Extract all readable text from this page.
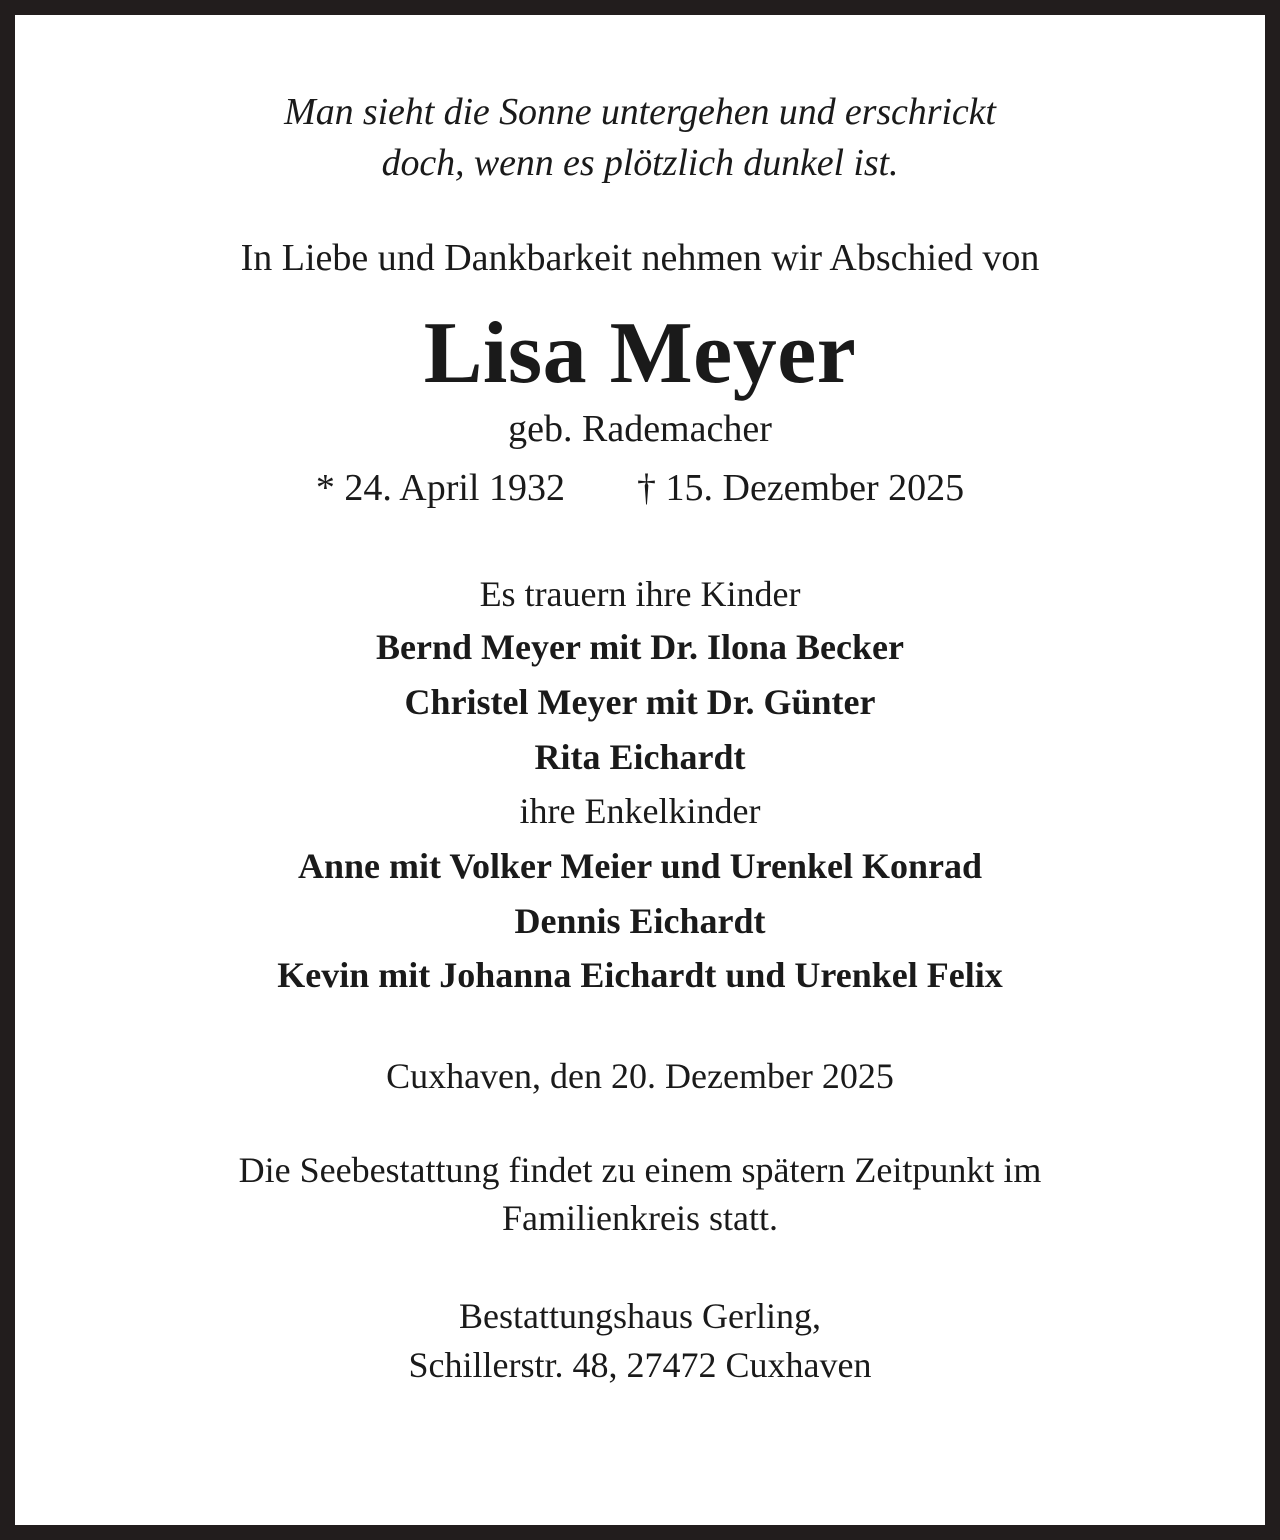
Man sieht die Sonne untergehen und erschrickt
doch, wenn es plötzlich dunkel ist.
In Liebe und Dankbarkeit nehmen wir Abschied von
Lisa Meyer
geb. Rademacher
* 24. April 1932 † 15. Dezember 2025
Es trauern ihre Kinder
Bernd Meyer mit Dr. Ilona Becker
Christel Meyer mit Dr. Günter
Rita Eichardt
ihre Enkelkinder
Anne mit Volker Meier und Urenkel Konrad
Dennis Eichardt
Kevin mit Johanna Eichardt und Urenkel Felix
Cuxhaven, den 20. Dezember 2025
Die Seebestattung findet zu einem spätern Zeitpunkt im
Familienkreis statt.
Bestattungshaus Gerling,
Schillerstr. 48, 27472 Cuxhaven
